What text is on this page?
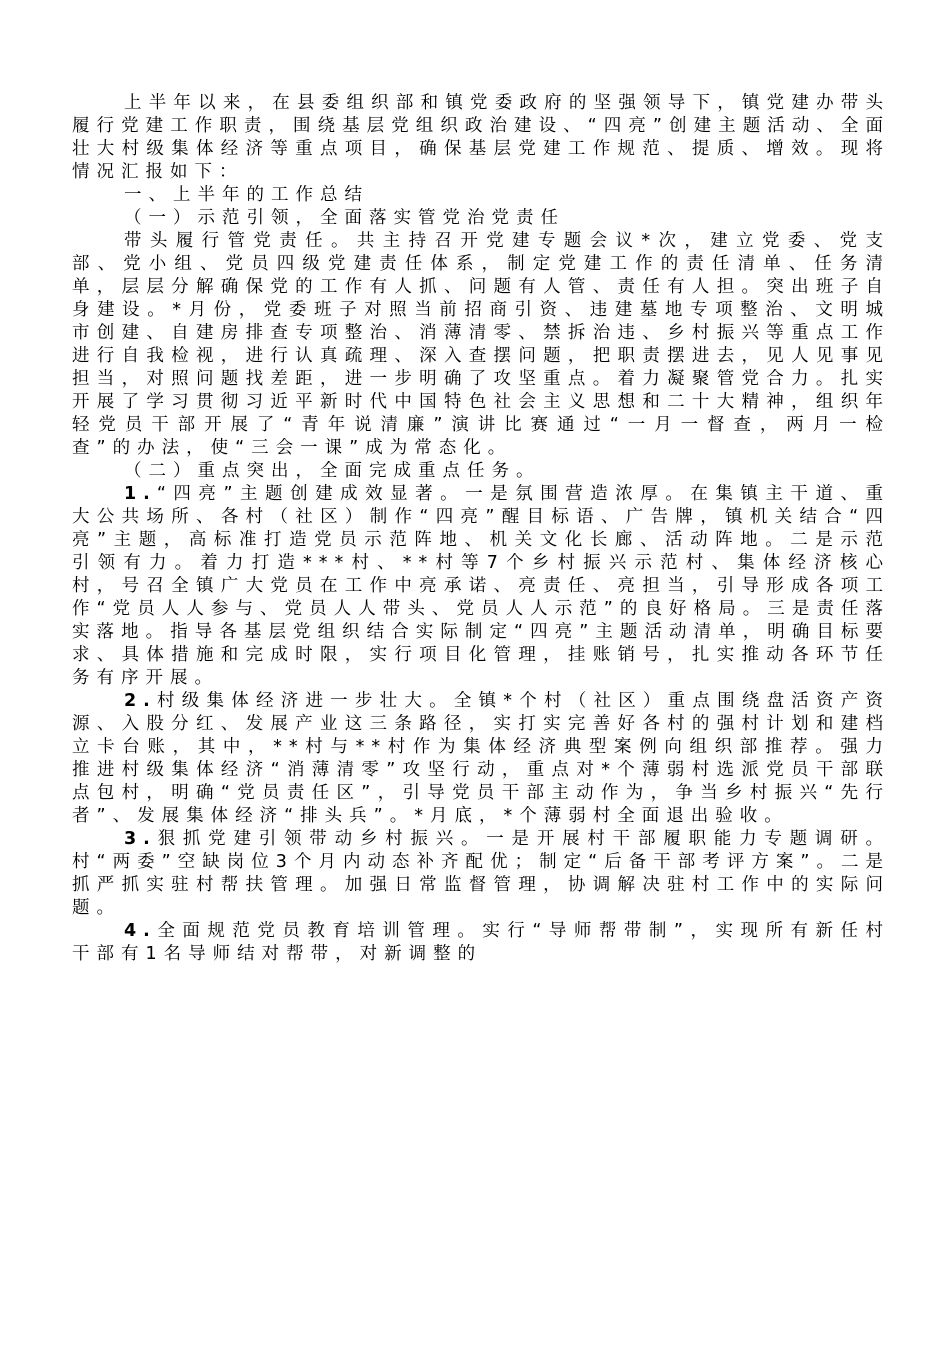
上半年以来，在县委组织部和镇党委政府的坚强领导下，镇党建办带头履行党建工作职责，围绕基层党组织政治建设、“四亮”创建主题活动、全面壮大村级集体经济等重点项目，确保基层党建工作规范、提质、增效。现将情况汇报如下：

一、上半年的工作总结

（一）示范引领，全面落实管党治党责任

带头履行管党责任。共主持召开党建专题会议*次，建立党委、党支部、党小组、党员四级党建责任体系，制定党建工作的责任清单、任务清单，层层分解确保党的工作有人抓、问题有人管、责任有人担。突出班子自身建设。*月份，党委班子对照当前招商引资、违建墓地专项整治、文明城市创建、自建房排查专项整治、消薄清零、禁拆治违、乡村振兴等重点工作进行自我检视，进行认真疏理、深入查摆问题，把职责摆进去，见人见事见担当，对照问题找差距，进一步明确了攻坚重点。着力凝聚管党合力。扎实开展了学习贯彻习近平新时代中国特色社会主义思想和二十大精神，组织年轻党员干部开展了“青年说清廉”演讲比赛通过“一月一督查，两月一检查”的办法，使“三会一课”成为常态化。

（二）重点突出，全面完成重点任务。

1.“四亮”主题创建成效显著。一是氛围营造浓厚。在集镇主干道、重大公共场所、各村（社区）制作“四亮”醒目标语、广告牌，镇机关结合“四亮”主题，高标准打造党员示范阵地、机关文化长廊、活动阵地。二是示范引领有力。着力打造***村、**村等7个乡村振兴示范村、集体经济核心村，号召全镇广大党员在工作中亮承诺、亮责任、亮担当，引导形成各项工作“党员人人参与、党员人人带头、党员人人示范”的良好格局。三是责任落实落地。指导各基层党组织结合实际制定“四亮”主题活动清单，明确目标要求、具体措施和完成时限，实行项目化管理，挂账销号，扎实推动各环节任务有序开展。

2.村级集体经济进一步壮大。全镇*个村（社区）重点围绕盘活资产资源、入股分红、发展产业这三条路径，实打实完善好各村的强村计划和建档立卡台账，其中，**村与**村作为集体经济典型案例向组织部推荐。强力推进村级集体经济“消薄清零”攻坚行动，重点对*个薄弱村选派党员干部联点包村，明确“党员责任区”，引导党员干部主动作为，争当乡村振兴“先行者”、发展集体经济“排头兵”。*月底，*个薄弱村全面退出验收。

3.狠抓党建引领带动乡村振兴。一是开展村干部履职能力专题调研。村“两委”空缺岗位3个月内动态补齐配优；制定“后备干部考评方案”。二是抓严抓实驻村帮扶管理。加强日常监督管理，协调解决驻村工作中的实际问题。

4.全面规范党员教育培训管理。实行“导师帮带制”，实现所有新任村干部有1名导师结对帮带，对新调整的
